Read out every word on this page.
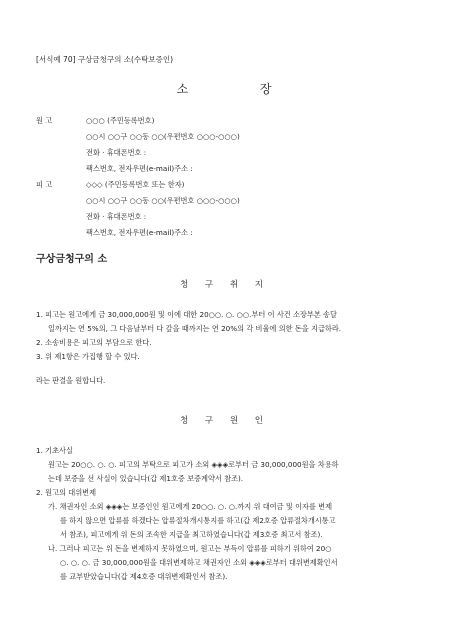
[서식예 70] 구상금청구의 소(수탁보증인)
소	장
원 고	○○○ (주민등록번호)
○○시 ○○구 ○○동 ○○(우편번호 ○○○-○○○)
전화 · 휴대폰번호 :
팩스번호, 전자우편(e-mail)주소 :
피 고	◇◇◇ (주민등록번호 또는 한자)
○○시 ○○구 ○○동 ○○(우편번호 ○○○-○○○)
전화 · 휴대폰번호 :
팩스번호, 전자우편(e-mail)주소 :
구상금청구의 소
청 구 취 지
1. 피고는 원고에게 금 30,000,000원 및 이에 대한 20○○. ○. ○○.부터 이 사건 소장부본 송달
일까지는 연 5%의, 그 다음날부터 다 갚을 때까지는 연 20%의 각 비율에 의한 돈을 지급하라.
2. 소송비용은 피고의 부담으로 한다.
3. 위 제1항은 가집행 할 수 있다.
라는 판결을 원합니다.
청 구 원 인
1. 기초사실
원고는 20○○. ○. ○. 피고의 부탁으로 피고가 소외 ◈◈◈로부터 금 30,000,000원을 차용하
는데 보증을 선 사실이 있습니다(갑 제1호증 보증계약서 참조).
2. 원고의 대위변제
가. 채권자인 소외 ◈◈◈는 보증인인 원고에게 20○○. ○. ○.까지 위 대여금 및 이자를 변제
를 하지 않으면 압류를 하겠다는 압류절차개시통지를 하고(갑 제2호증 압류절차개시통고
서 참조), 피고에게 위 돈의 조속한 지급을 최고하였습니다(갑 제3호증 최고서 참조).
나. 그러나 피고는 위 돈을 변제하지 못하였으며, 원고는 부득이 압류를 피하기 위하여 20○
○. ○. ○. 금 30,000,000원을 대위변제하고 채권자인 소외 ◈◈◈로부터 대위변제확인서
를 교부받았습니다(갑 제4호증 대위변제확인서 참조).
